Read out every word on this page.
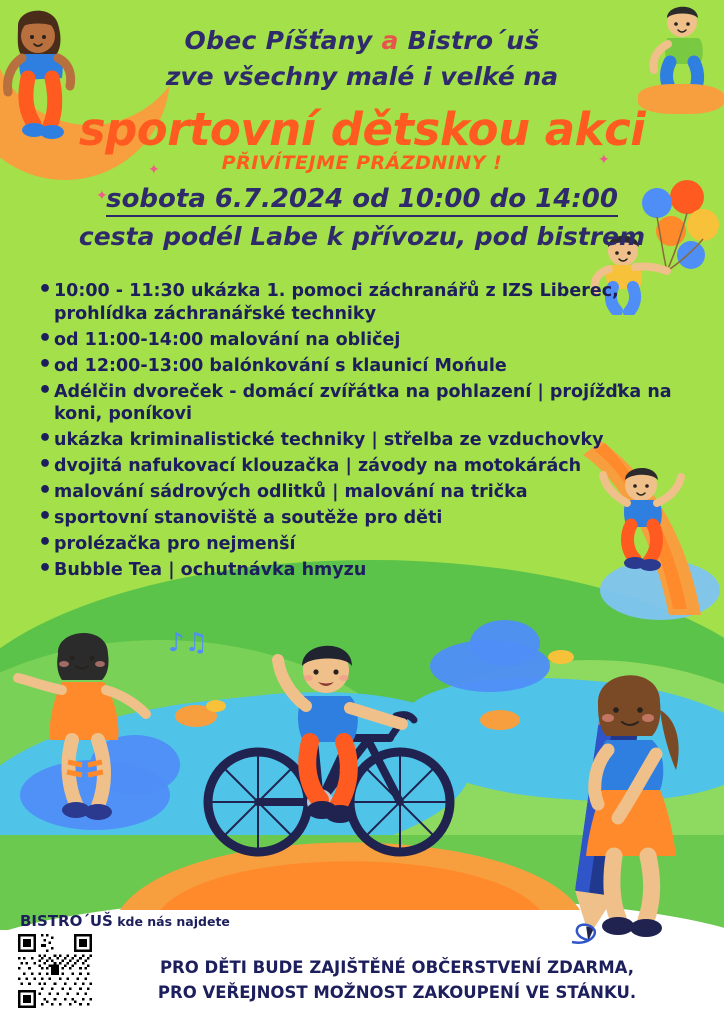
♪♫
✦
✦
✦
Obec Píšťany a Bistro´uš
zve všechny malé i velké na
sportovní dětskou akci
PŘIVÍTEJME PRÁZDNINY !
sobota 6.7.2024 od 10:00 do 14:00
cesta podél Labe k přívozu, pod bistrem
• 10:00 - 11:30 ukázka 1. pomoci záchranářů z IZS Liberec, prohlídka záchranářské techniky
• od 11:00-14:00 malování na obličej
• od 12:00-13:00 balónkování s klaunicí Mońule
• Adélčin dvoreček - domácí zvířátka na pohlazení | projížďka na koni, poníkovi
• ukázka kriminalistické techniky | střelba ze vzduchovky
• dvojitá nafukovací klouzačka | závody na motokárách
• malování sádrových odlitků | malování na trička
• sportovní stanoviště a soutěže pro děti
• prolézačka pro nejmenší
• Bubble Tea | ochutnávka hmyzu
BISTRO´UŠ kde nás najdete
PRO DĚTI BUDE ZAJIŠTĚNÉ OBČERSTVENÍ ZDARMA,
PRO VEŘEJNOST MOŽNOST ZAKOUPENÍ VE STÁNKU.
